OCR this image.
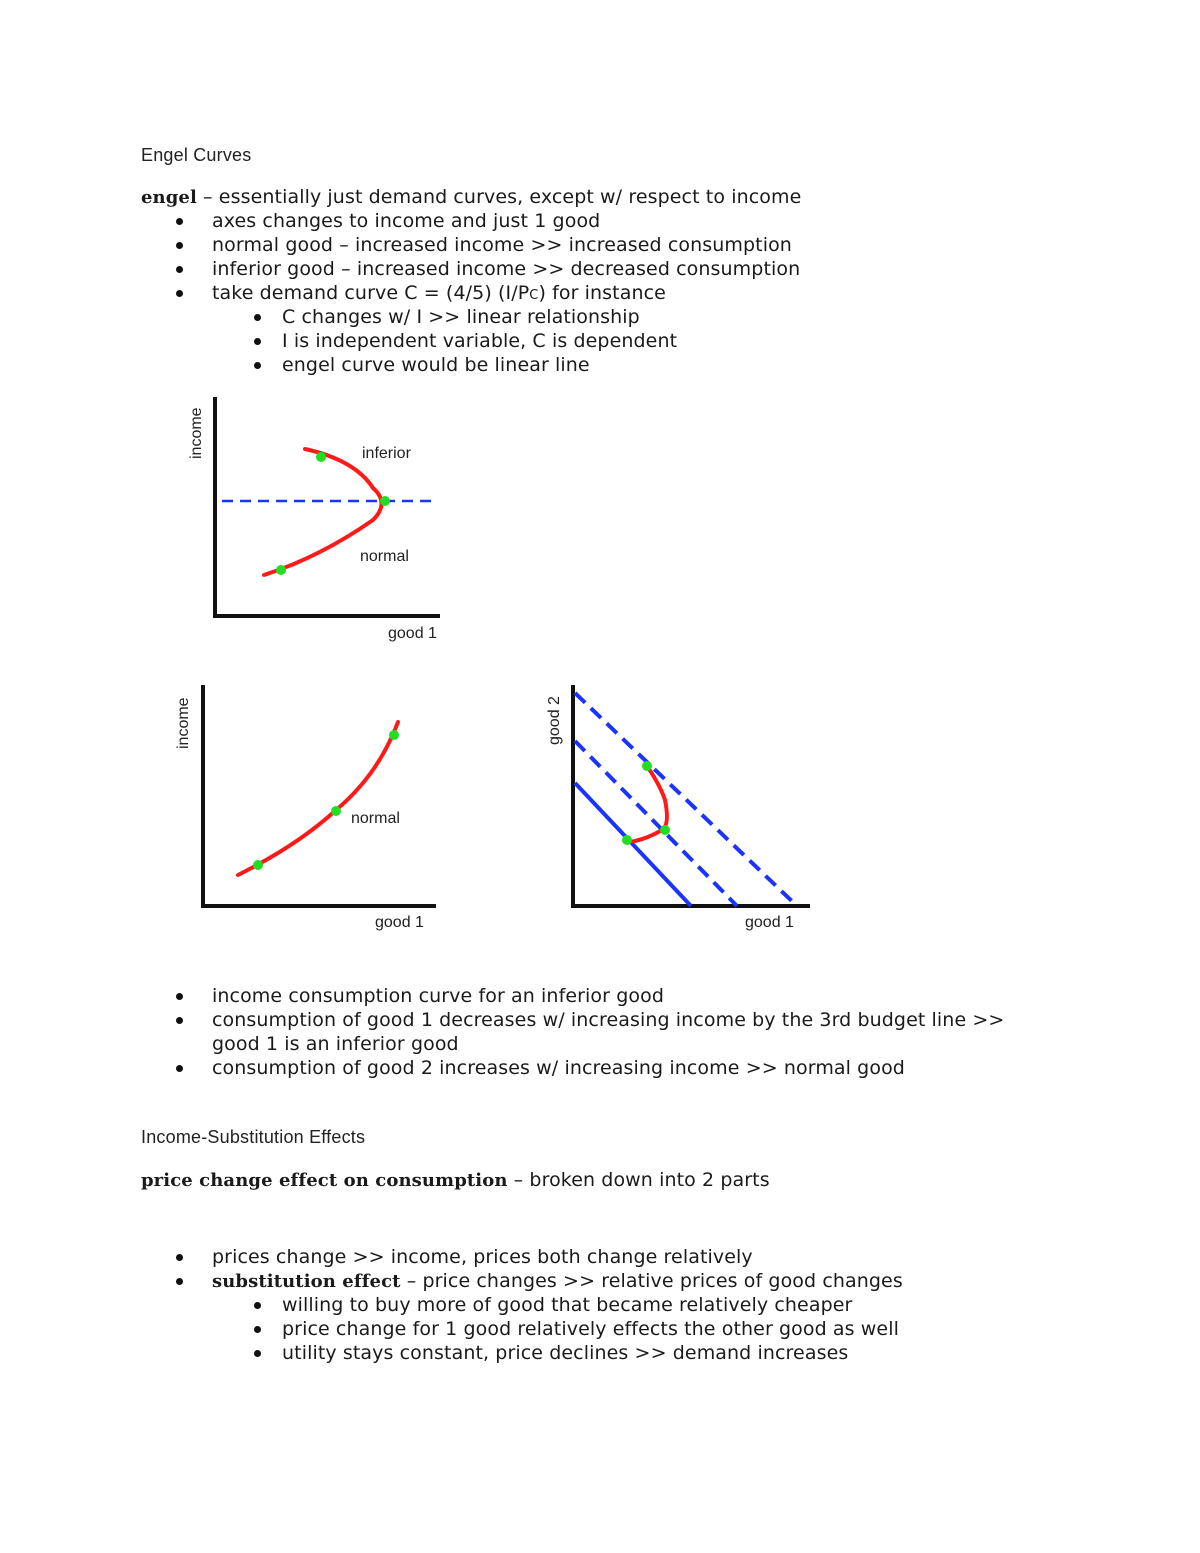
Engel Curves
engel – essentially just demand curves, except w/ respect to income
axes changes to income and just 1 good
normal good – increased income >> increased consumption
inferior good – increased income >> decreased consumption
take demand curve C = (4/5) (I/PC) for instance
C changes w/ I >> linear relationship
I is independent variable, C is dependent
engel curve would be linear line
inferior
normal
good 1
income
normal
good 1
income
good 1
good 2
income consumption curve for an inferior good
consumption of good 1 decreases w/ increasing income by the 3rd budget line >>
good 1 is an inferior good
consumption of good 2 increases w/ increasing income >> normal good
Income-Substitution Effects
price change effect on consumption – broken down into 2 parts
prices change >> income, prices both change relatively
substitution effect – price changes >> relative prices of good changes
willing to buy more of good that became relatively cheaper
price change for 1 good relatively effects the other good as well
utility stays constant, price declines >> demand increases
